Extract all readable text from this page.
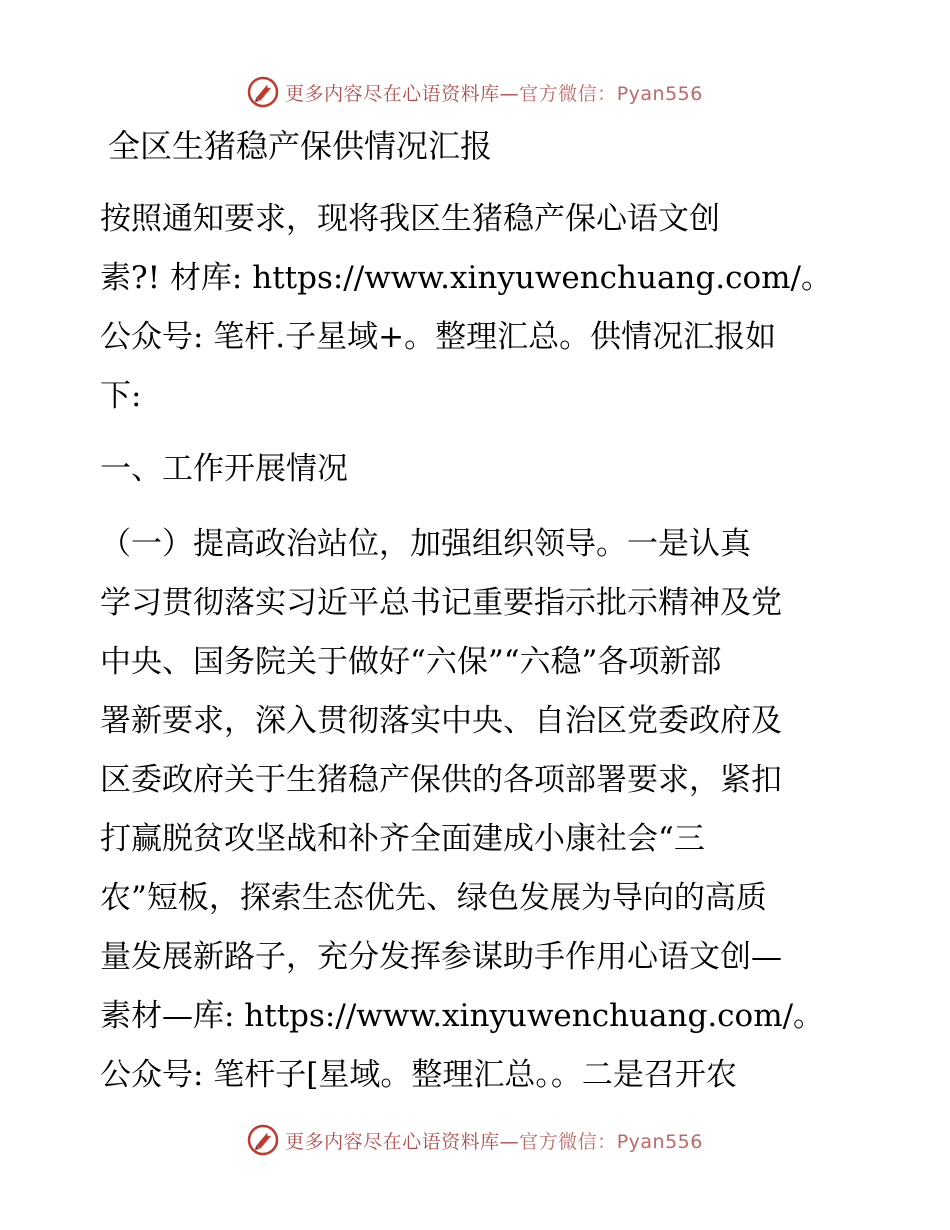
更多内容尽在心语资料库—官方微信：Pyan556
全区生猪稳产保供情况汇报
按照通知要求，现将我区生猪稳产保心语文创
素?! 材库: https://www.xinyuwenchuang.com/。
公众号: 笔杆.子星域+。整理汇总。供情况汇报如
下:
一、工作开展情况
（一）提高政治站位，加强组织领导。一是认真
学习贯彻落实习近平总书记重要指示批示精神及党
中央、国务院关于做好“六保”“六稳”各项新部
署新要求，深入贯彻落实中央、自治区党委政府及
区委政府关于生猪稳产保供的各项部署要求，紧扣
打赢脱贫攻坚战和补齐全面建成小康社会“三
农”短板，探索生态优先、绿色发展为导向的高质
量发展新路子，充分发挥参谋助手作用心语文创—
素材—库: https://www.xinyuwenchuang.com/。
公众号: 笔杆子[星域。整理汇总。。二是召开农
更多内容尽在心语资料库—官方微信：Pyan556
